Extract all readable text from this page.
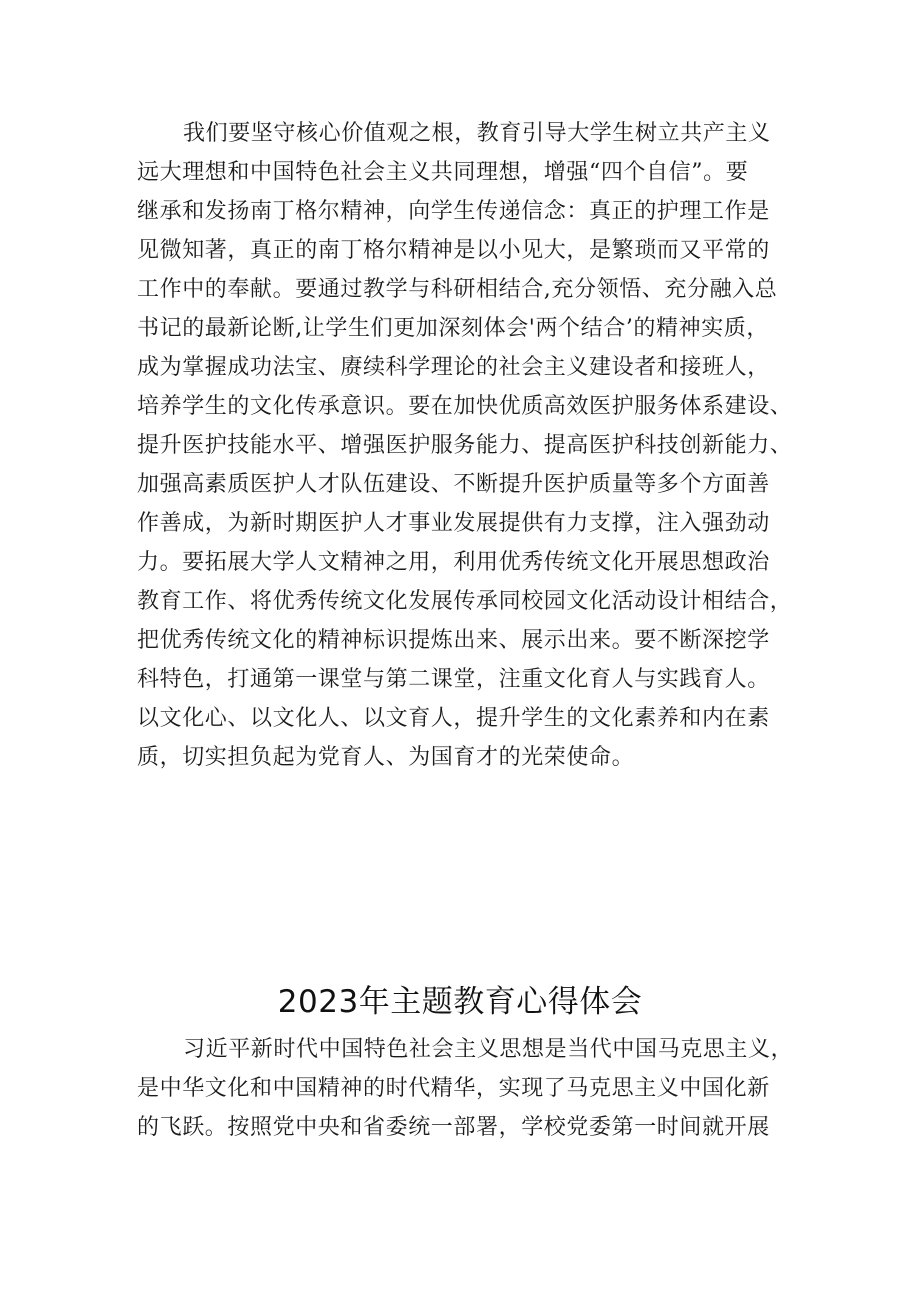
我们要坚守核心价值观之根，教育引导大学生树立共产主义
远大理想和中国特色社会主义共同理想，增强“四个自信”。要
继承和发扬南丁格尔精神，向学生传递信念：真正的护理工作是
见微知著，真正的南丁格尔精神是以小见大，是繁琐而又平常的
工作中的奉献。要通过教学与科研相结合,充分领悟、充分融入总
书记的最新论断,让学生们更加深刻体会'两个结合’的精神实质，
成为掌握成功法宝、赓续科学理论的社会主义建设者和接班人，
培养学生的文化传承意识。要在加快优质高效医护服务体系建设、
提升医护技能水平、增强医护服务能力、提高医护科技创新能力、
加强高素质医护人才队伍建设、不断提升医护质量等多个方面善
作善成，为新时期医护人才事业发展提供有力支撑，注入强劲动
力。要拓展大学人文精神之用，利用优秀传统文化开展思想政治
教育工作、将优秀传统文化发展传承同校园文化活动设计相结合，
把优秀传统文化的精神标识提炼出来、展示出来。要不断深挖学
科特色，打通第一课堂与第二课堂，注重文化育人与实践育人。
以文化心、以文化人、以文育人，提升学生的文化素养和内在素
质，切实担负起为党育人、为国育才的光荣使命。
2023年主题教育心得体会
习近平新时代中国特色社会主义思想是当代中国马克思主义，
是中华文化和中国精神的时代精华，实现了马克思主义中国化新
的飞跃。按照党中央和省委统一部署，学校党委第一时间就开展
